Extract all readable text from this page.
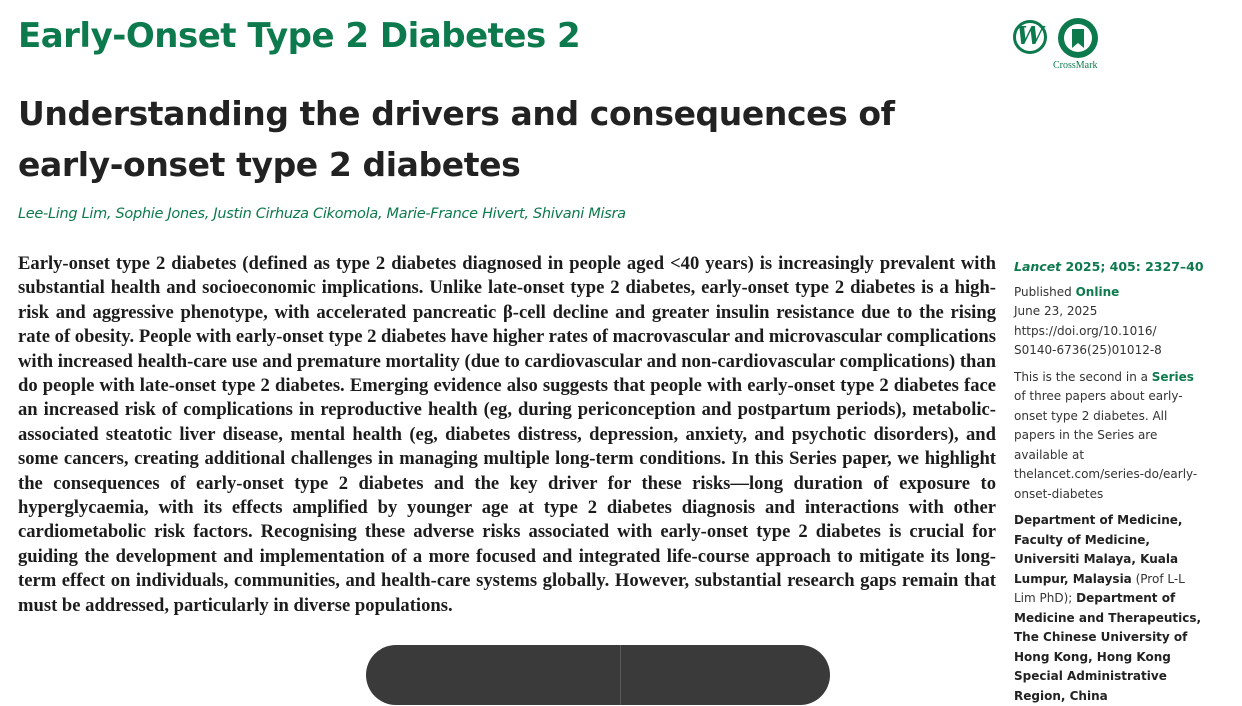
Early-Onset Type 2 Diabetes 2	W
CrossMark
Understanding the drivers and consequences of early-onset type 2 diabetes
Lee-Ling Lim, Sophie Jones, Justin Cirhuza Cikomola, Marie-France Hivert, Shivani Misra

Early-onset type 2 diabetes (defined as type 2 diabetes diagnosed in people aged <40 years) is increasingly prevalent with substantial health and socioeconomic implications. Unlike late-onset type 2 diabetes, early-onset type 2 diabetes is a high-risk and aggressive phenotype, with accelerated pancreatic β-cell decline and greater insulin resistance due to the rising rate of obesity. People with early-onset type 2 diabetes have higher rates of macrovascular and microvascular complications with increased health-care use and premature mortality (due to cardiovascular and non-cardiovascular complications) than do people with late-onset type 2 diabetes. Emerging evidence also suggests that people with early-onset type 2 diabetes face an increased risk of complications in reproductive health (eg, during periconception and postpartum periods), metabolic-associated steatotic liver disease, mental health (eg, diabetes distress, depression, anxiety, and psychotic disorders), and some cancers, creating additional challenges in managing multiple long-term conditions. In this Series paper, we highlight the consequences of early-onset type 2 diabetes and the key driver for these risks—long duration of exposure to hyperglycaemia, with its effects amplified by younger age at type 2 diabetes diagnosis and interactions with other cardiometabolic risk factors. Recognising these adverse risks associated with early-onset type 2 diabetes is crucial for guiding the development and implementation of a more focused and integrated life-course approach to mitigate its long-term effect on individuals, communities, and health-care systems globally. However, substantial research gaps remain that must be addressed, particularly in diverse populations.

Lancet 2025; 405: 2327–40
Published Online
June 23, 2025
https://doi.org/10.1016/
S0140-6736(25)01012-8
This is the second in a Series of three papers about early-onset type 2 diabetes. All papers in the Series are available at thelancet.com/series-do/early-onset-diabetes
Department of Medicine, Faculty of Medicine, Universiti Malaya, Kuala Lumpur, Malaysia (Prof L-L Lim PhD); Department of Medicine and Therapeutics, The Chinese University of Hong Kong, Hong Kong Special Administrative Region, China
